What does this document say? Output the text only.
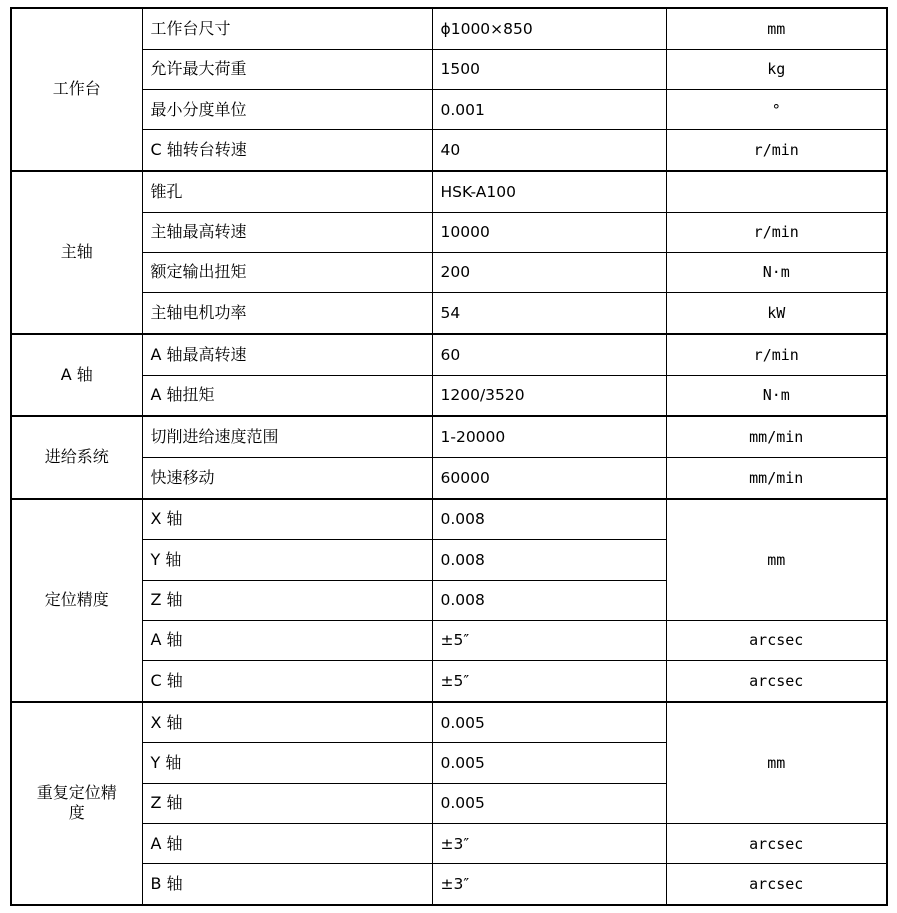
工作台	工作台尺寸	ϕ1000×850	mm
	允许最大荷重	1500	kg
	最小分度单位	0.001	°
	C 轴转台转速	40	r/min
主轴	锥孔	HSK-A100	
	主轴最高转速	10000	r/min
	额定输出扭矩	200	N·m
	主轴电机功率	54	kW
A 轴	A 轴最高转速	60	r/min
	A 轴扭矩	1200/3520	N·m
进给系统	切削进给速度范围	1-20000	mm/min
	快速移动	60000	mm/min
定位精度	X 轴	0.008	mm
	Y 轴	0.008	
	Z 轴	0.008	
	A 轴	±5″	arcsec
	C 轴	±5″	arcsec
重复定位精度	X 轴	0.005	mm
	Y 轴	0.005	
	Z 轴	0.005	
	A 轴	±3″	arcsec
	B 轴	±3″	arcsec
